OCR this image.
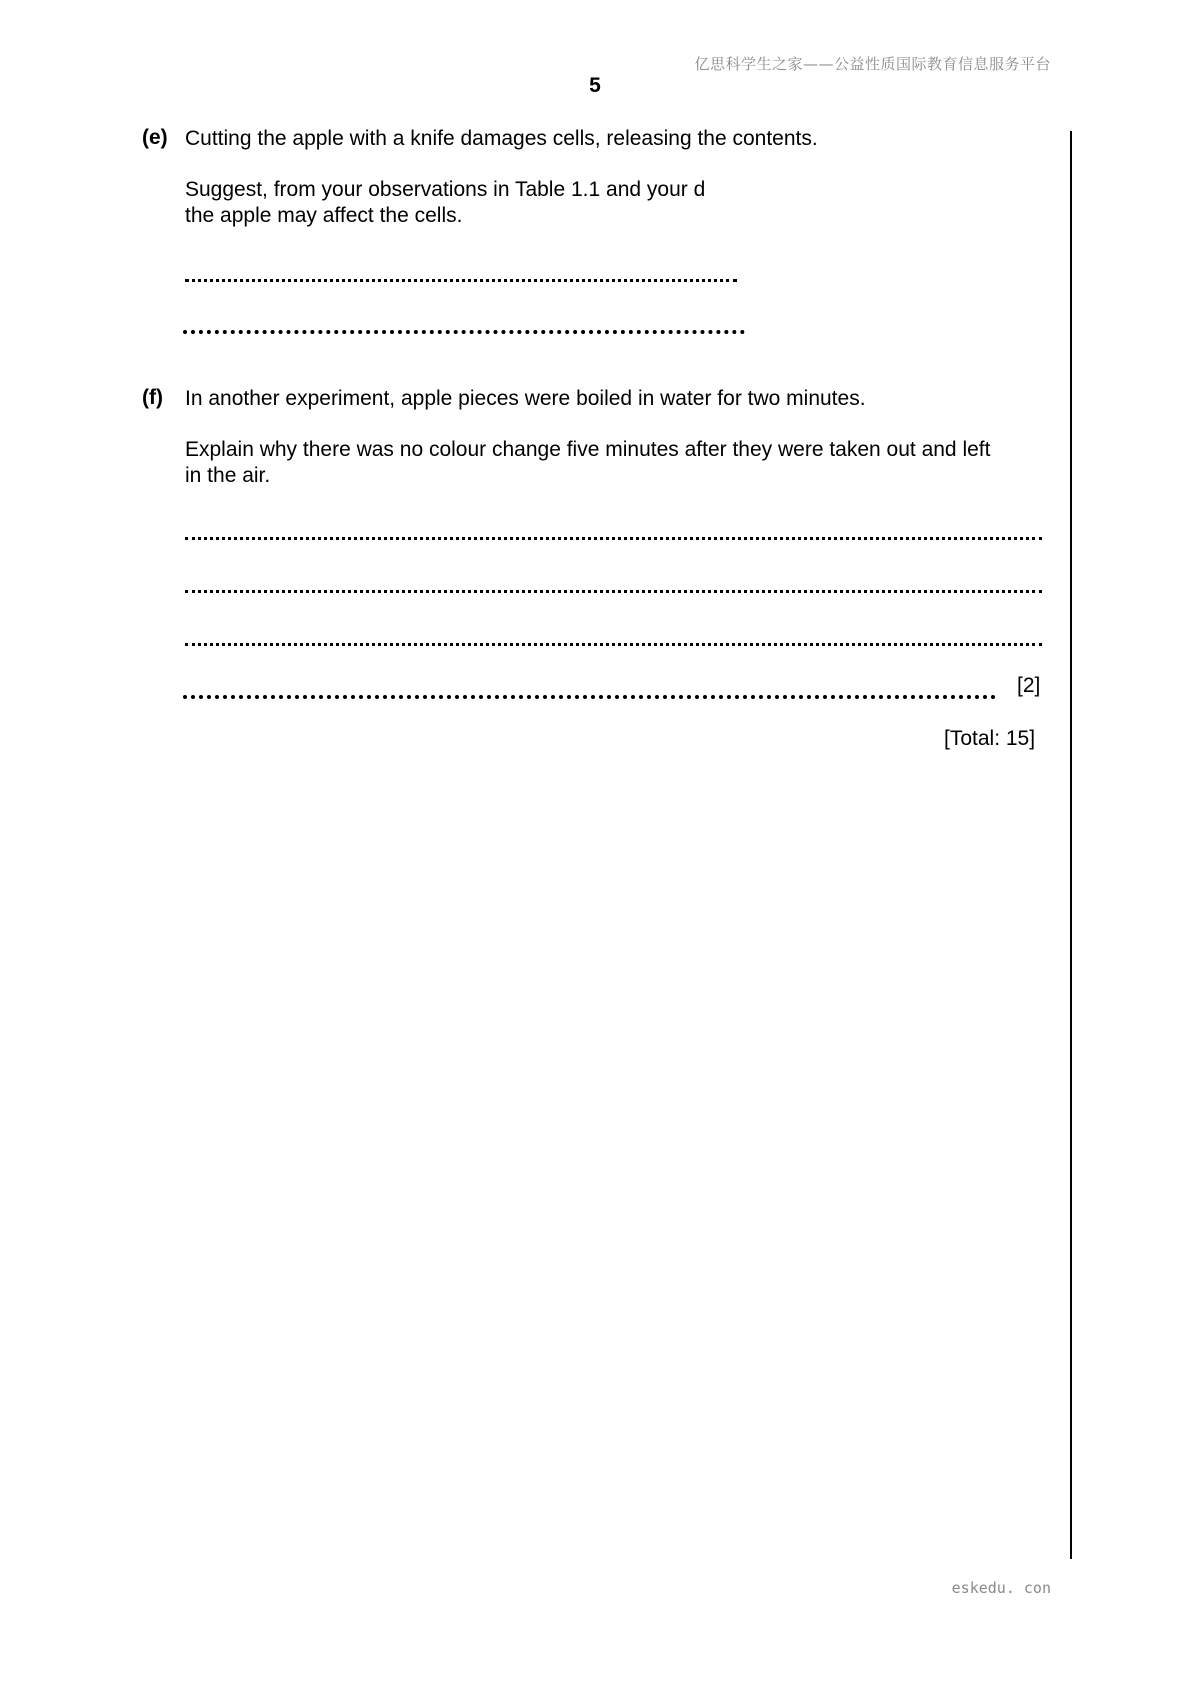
亿思科学生之家——公益性质国际教育信息服务平台
5
(e) Cutting the apple with a knife damages cells, releasing the contents.
Suggest, from your observations in Table 1.1 and your d
the apple may affect the cells.
(f) In another experiment, apple pieces were boiled in water for two minutes.
Explain why there was no colour change five minutes after they were taken out and left
in the air.
[2]
[Total: 15]
eskedu. con
